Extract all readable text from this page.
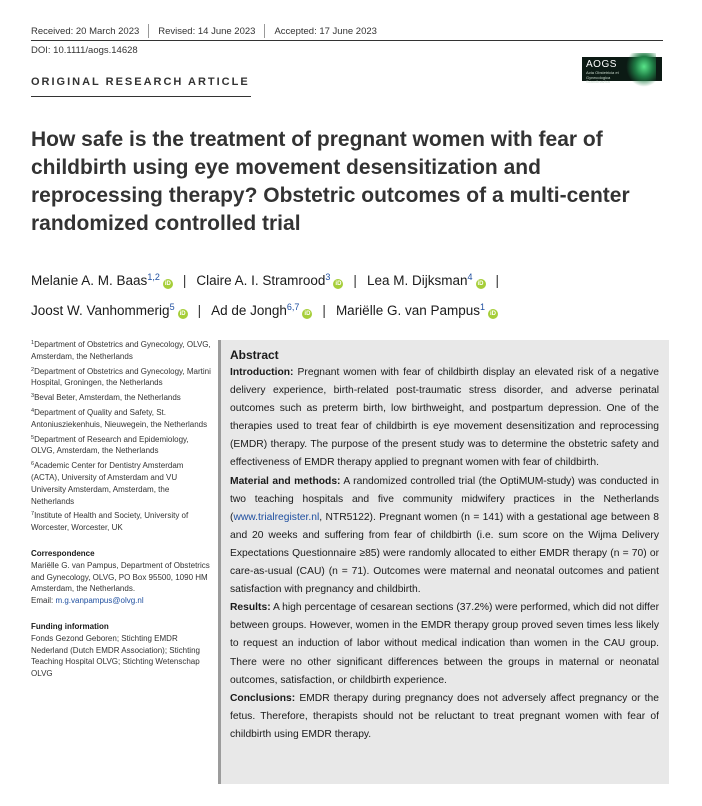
Received: 20 March 2023 Revised: 14 June 2023 Accepted: 17 June 2023
DOI: 10.1111/aogs.14628
AOGS
Acta Obstetricia et Gynecologica Scandinavica
ORIGINAL RESEARCH ARTICLE
How safe is the treatment of pregnant women with fear of childbirth using eye movement desensitization and reprocessing therapy? Obstetric outcomes of a multi-center randomized controlled trial
Melanie A. M. Baas$^{1,2}$iD | Claire A. I. Stramrood$^3$iD | Lea M. Dijksman$^4$iD |
Joost W. Vanhommerig$^5$iD | Ad de Jongh$^{6,7}$iD | Mariëlle G. van Pampus$^1$iD
$^1$Department of Obstetrics and Gynecology, OLVG, Amsterdam, the Netherlands
$^2$Department of Obstetrics and Gynecology, Martini Hospital, Groningen, the Netherlands
$^3$Beval Beter, Amsterdam, the Netherlands
$^4$Department of Quality and Safety, St. Antoniusziekenhuis, Nieuwegein, the Netherlands
$^5$Department of Research and Epidemiology, OLVG, Amsterdam, the Netherlands
$^6$Academic Center for Dentistry Amsterdam (ACTA), University of Amsterdam and VU University Amsterdam, Amsterdam, the Netherlands
$^7$Institute of Health and Society, University of Worcester, Worcester, UK
Correspondence
Mariëlle G. van Pampus, Department of Obstetrics and Gynecology, OLVG, PO Box 95500, 1090 HM Amsterdam, the Netherlands.
Email: m.g.vanpampus@olvg.nl
Funding information
Fonds Gezond Geboren; Stichting EMDR Nederland (Dutch EMDR Association); Stichting Teaching Hospital OLVG; Stichting Wetenschap OLVG
Abstract

Introduction: Pregnant women with fear of childbirth display an elevated risk of a negative delivery experience, birth-related post-traumatic stress disorder, and adverse perinatal outcomes such as preterm birth, low birthweight, and postpartum depression. One of the therapies used to treat fear of childbirth is eye movement desensitization and reprocessing (EMDR) therapy. The purpose of the present study was to determine the obstetric safety and effectiveness of EMDR therapy applied to pregnant women with fear of childbirth.

Material and methods: A randomized controlled trial (the OptiMUM-study) was conducted in two teaching hospitals and five community midwifery practices in the Netherlands (www.trialregister.nl, NTR5122). Pregnant women (n = 141) with a gestational age between 8 and 20 weeks and suffering from fear of childbirth (i.e. sum score on the Wijma Delivery Expectations Questionnaire ≥85) were randomly allocated to either EMDR therapy (n = 70) or care-as-usual (CAU) (n = 71). Outcomes were maternal and neonatal outcomes and patient satisfaction with pregnancy and childbirth.

Results: A high percentage of cesarean sections (37.2%) were performed, which did not differ between groups. However, women in the EMDR therapy group proved seven times less likely to request an induction of labor without medical indication than women in the CAU group. There were no other significant differences between the groups in maternal or neonatal outcomes, satisfaction, or childbirth experience.

Conclusions: EMDR therapy during pregnancy does not adversely affect pregnancy or the fetus. Therefore, therapists should not be reluctant to treat pregnant women with fear of childbirth using EMDR therapy.
